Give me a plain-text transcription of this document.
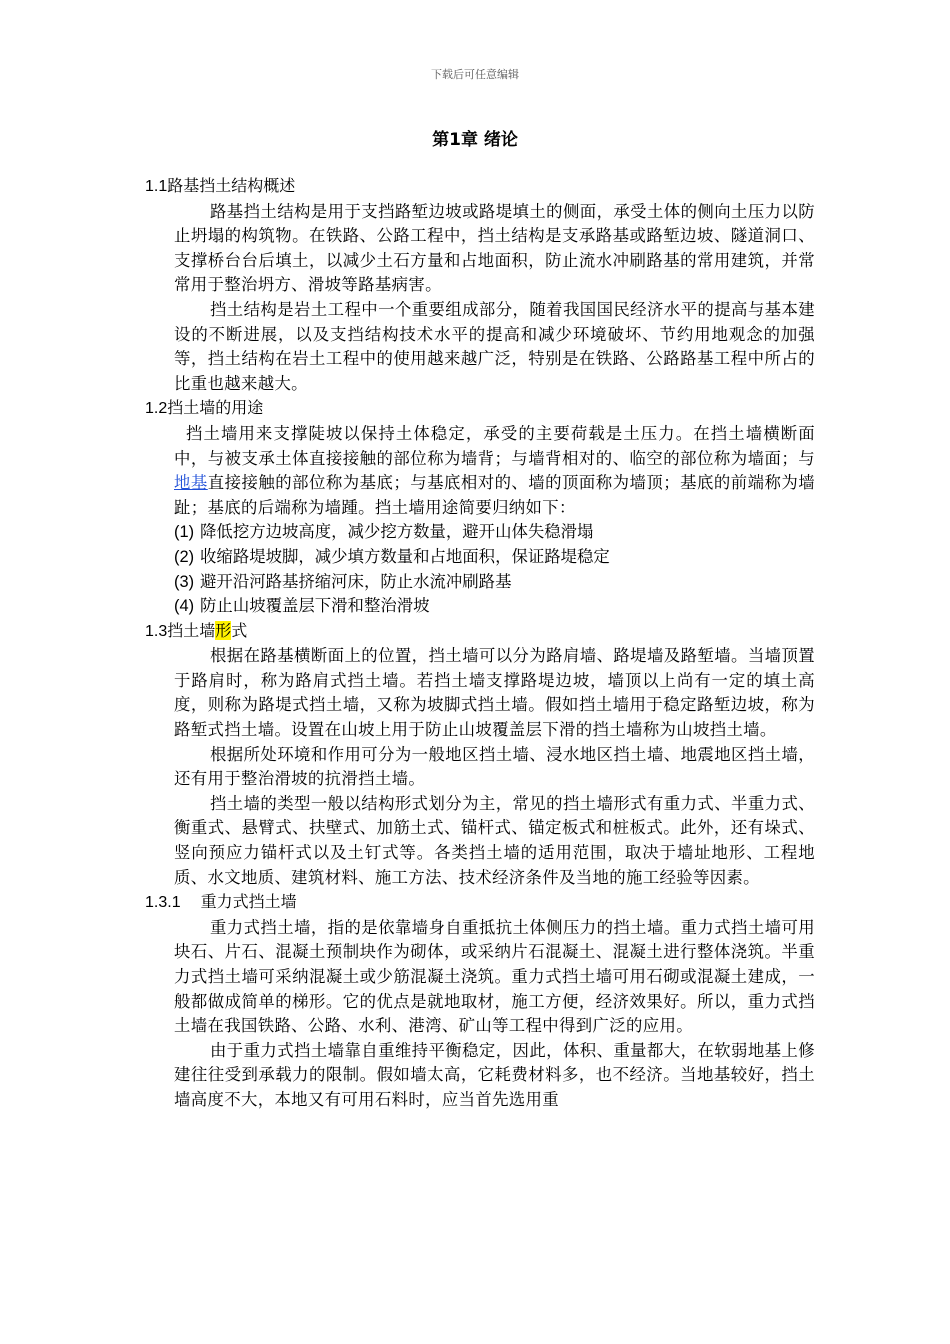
下载后可任意编辑
第1章 绪论
1.1路基挡土结构概述

路基挡土结构是用于支挡路堑边坡或路堤填土的侧面，承受土体的侧向土压力以防止坍塌的构筑物。在铁路、公路工程中，挡土结构是支承路基或路堑边坡、隧道洞口、支撑桥台台后填土，以减少土石方量和占地面积，防止流水冲刷路基的常用建筑，并常常用于整治坍方、滑坡等路基病害。

挡土结构是岩土工程中一个重要组成部分，随着我国国民经济水平的提高与基本建设的不断进展，以及支挡结构技术水平的提高和减少环境破坏、节约用地观念的加强等，挡土结构在岩土工程中的使用越来越广泛，特别是在铁路、公路路基工程中所占的比重也越来越大。

1.2挡土墙的用途

挡土墙用来支撑陡坡以保持土体稳定，承受的主要荷载是土压力。在挡土墙横断面中，与被支承土体直接接触的部位称为墙背；与墙背相对的、临空的部位称为墙面；与地基直接接触的部位称为基底；与基底相对的、墙的顶面称为墙顶；基底的前端称为墙趾；基底的后端称为墙踵。挡土墙用途简要归纳如下：

(1) 降低挖方边坡高度，减少挖方数量，避开山体失稳滑塌
(2) 收缩路堤坡脚，减少填方数量和占地面积，保证路堤稳定
(3) 避开沿河路基挤缩河床，防止水流冲刷路基
(4) 防止山坡覆盖层下滑和整治滑坡
1.3挡土墙形式

根据在路基横断面上的位置，挡土墙可以分为路肩墙、路堤墙及路堑墙。当墙顶置于路肩时，称为路肩式挡土墙。若挡土墙支撑路堤边坡，墙顶以上尚有一定的填土高度，则称为路堤式挡土墙，又称为坡脚式挡土墙。假如挡土墙用于稳定路堑边坡，称为路堑式挡土墙。设置在山坡上用于防止山坡覆盖层下滑的挡土墙称为山坡挡土墙。

根据所处环境和作用可分为一般地区挡土墙、浸水地区挡土墙、地震地区挡土墙，还有用于整治滑坡的抗滑挡土墙。

挡土墙的类型一般以结构形式划分为主，常见的挡土墙形式有重力式、半重力式、衡重式、悬臂式、扶壁式、加筋土式、锚杆式、锚定板式和桩板式。此外，还有垛式、竖向预应力锚杆式以及土钉式等。各类挡土墙的适用范围，取决于墙址地形、工程地质、水文地质、建筑材料、施工方法、技术经济条件及当地的施工经验等因素。

1.3.1 重力式挡土墙

重力式挡土墙，指的是依靠墙身自重抵抗土体侧压力的挡土墙。重力式挡土墙可用块石、片石、混凝土预制块作为砌体，或采纳片石混凝土、混凝土进行整体浇筑。半重力式挡土墙可采纳混凝土或少筋混凝土浇筑。重力式挡土墙可用石砌或混凝土建成，一般都做成简单的梯形。它的优点是就地取材，施工方便，经济效果好。所以，重力式挡土墙在我国铁路、公路、水利、港湾、矿山等工程中得到广泛的应用。

由于重力式挡土墙靠自重维持平衡稳定，因此，体积、重量都大，在软弱地基上修建往往受到承载力的限制。假如墙太高，它耗费材料多，也不经济。当地基较好，挡土墙高度不大，本地又有可用石料时，应当首先选用重
